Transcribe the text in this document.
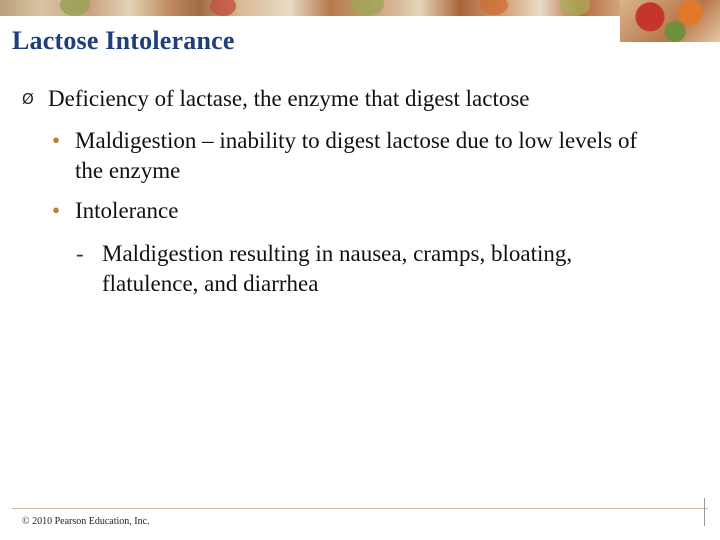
Lactose Intolerance
Ø Deficiency of lactase, the enzyme that digest lactose
• Maldigestion – inability to digest lactose due to low levels of the enzyme
• Intolerance
- Maldigestion resulting in nausea, cramps, bloating, flatulence, and diarrhea
© 2010 Pearson Education, Inc.
